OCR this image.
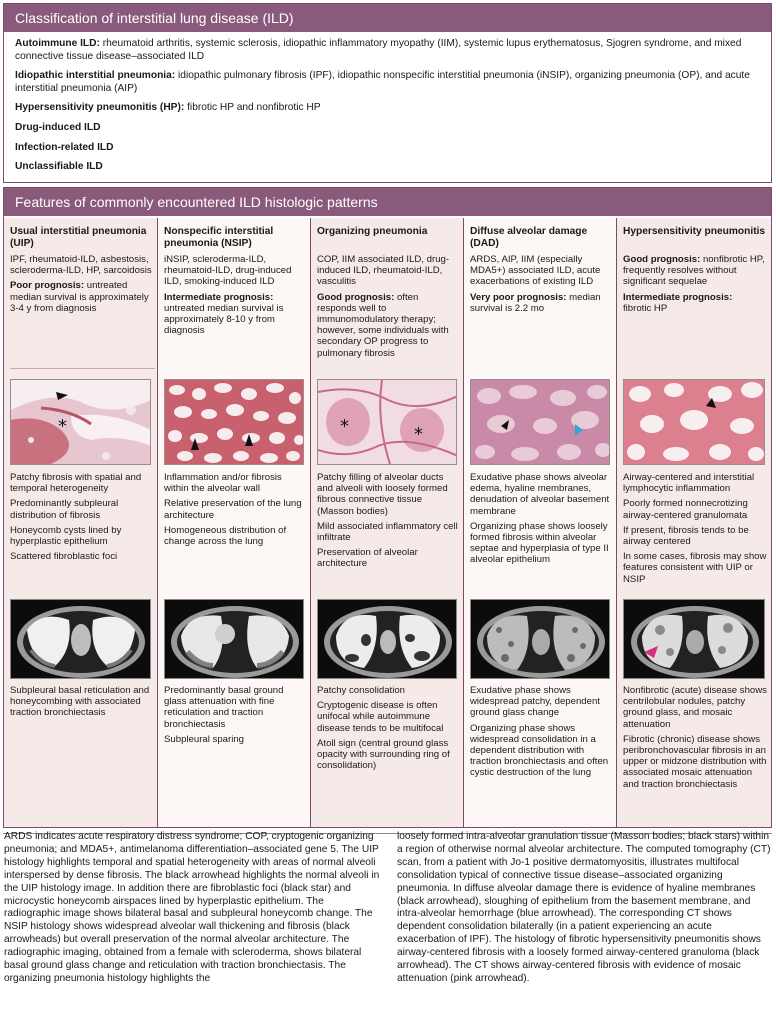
Classification of interstitial lung disease (ILD)
Autoimmune ILD: rheumatoid arthritis, systemic sclerosis, idiopathic inflammatory myopathy (IIM), systemic lupus erythematosus, Sjogren syndrome, and mixed connective tissue disease–associated ILD
Idiopathic interstitial pneumonia: idiopathic pulmonary fibrosis (IPF), idiopathic nonspecific interstitial pneumonia (iNSIP), organizing pneumonia (OP), and acute interstitial pneumonia (AIP)
Hypersensitivity pneumonitis (HP): fibrotic HP and nonfibrotic HP
Drug-induced ILD
Infection-related ILD
Unclassifiable ILD
Features of commonly encountered ILD histologic patterns
Usual interstitial pneumonia (UIP)

IPF, rheumatoid-ILD, asbestosis, scleroderma-ILD, HP, sarcoidosis

Poor prognosis: untreated median survival is approximately 3-4 y from diagnosis

*

Patchy fibrosis with spatial and temporal heterogeneity

Predominantly subpleural distribution of fibrosis

Honeycomb cysts lined by hyperplastic epithelium

Scattered fibroblastic foci

Subpleural basal reticulation and honeycombing with associated traction bronchiectasis

Nonspecific interstitial pneumonia (NSIP)

iNSIP, scleroderma-ILD, rheumatoid-ILD, drug-induced ILD, smoking-induced ILD

Intermediate prognosis: untreated median survival is approximately 8-10 y from diagnosis

Inflammation and/or fibrosis within the alveolar wall

Relative preservation of the lung architecture

Homogeneous distribution of change across the lung

Predominantly basal ground glass attenuation with fine reticulation and traction bronchiectasis

Subpleural sparing

Organizing pneumonia

COP, IIM associated ILD, drug-induced ILD, rheumatoid-ILD, vasculitis

Good prognosis: often responds well to immunomodulatory therapy; however, some individuals with secondary OP progress to pulmonary fibrosis

*	*

Patchy filling of alveolar ducts and alveoli with loosely formed fibrous connective tissue (Masson bodies)

Mild associated inflammatory cell infiltrate

Preservation of alveolar architecture

Patchy consolidation

Cryptogenic disease is often unifocal while autoimmune disease tends to be multifocal

Atoll sign (central ground glass opacity with surrounding ring of consolidation)

Diffuse alveolar damage (DAD)

ARDS, AIP, IIM (especially MDA5+) associated ILD, acute exacerbations of existing ILD

Very poor prognosis: median survival is 2.2 mo

Exudative phase shows alveolar edema, hyaline membranes, denudation of alveolar basement membrane

Organizing phase shows loosely formed fibrosis within alveolar septae and hyperplasia of type II alveolar epithelium

Exudative phase shows widespread patchy, dependent ground glass change

Organizing phase shows widespread consolidation in a dependent distribution with traction bronchiectasis and often cystic destruction of the lung

Hypersensitivity pneumonitis

Good prognosis: nonfibrotic HP, frequently resolves without significant sequelae

Intermediate prognosis:
fibrotic HP

Airway-centered and interstitial lymphocytic inflammation

Poorly formed nonnecrotizing airway-centered granulomata

If present, fibrosis tends to be airway centered

In some cases, fibrosis may show features consistent with UIP or NSIP

Nonfibrotic (acute) disease shows centrilobular nodules, patchy ground glass, and mosaic attenuation

Fibrotic (chronic) disease shows peribronchovascular fibrosis in an upper or midzone distribution with associated mosaic attenuation and traction bronchiectasis

ARDS indicates acute respiratory distress syndrome; COP, cryptogenic organizing pneumonia; and MDA5+, antimelanoma differentiation–associated gene 5. The UIP histology highlights temporal and spatial heterogeneity with areas of normal alveoli interspersed by dense fibrosis. The black arrowhead highlights the normal alveoli in the UIP histology image. In addition there are fibroblastic foci (black star) and microcystic honeycomb airspaces lined by hyperplastic epithelium. The radiographic image shows bilateral basal and subpleural honeycomb change. The NSIP histology shows widespread alveolar wall thickening and fibrosis (black arrowheads) but overall preservation of the normal alveolar architecture. The radiographic imaging, obtained from a female with scleroderma, shows bilateral basal ground glass change and reticulation with traction bronchiectasis. The organizing pneumonia histology highlights the
loosely formed intra-alveolar granulation tissue (Masson bodies; black stars) within a region of otherwise normal alveolar architecture. The computed tomography (CT) scan, from a patient with Jo-1 positive dermatomyositis, illustrates multifocal consolidation typical of connective tissue disease–associated organizing pneumonia. In diffuse alveolar damage there is evidence of hyaline membranes (black arrowhead), sloughing of epithelium from the basement membrane, and intra-alveolar hemorrhage (blue arrowhead). The corresponding CT shows dependent consolidation bilaterally (in a patient experiencing an acute exacerbation of IPF). The histology of fibrotic hypersensitivity pneumonitis shows airway-centered fibrosis with a loosely formed airway-centered granuloma (black arrowhead). The CT shows airway-centered fibrosis with evidence of mosaic attenuation (pink arrowhead).
